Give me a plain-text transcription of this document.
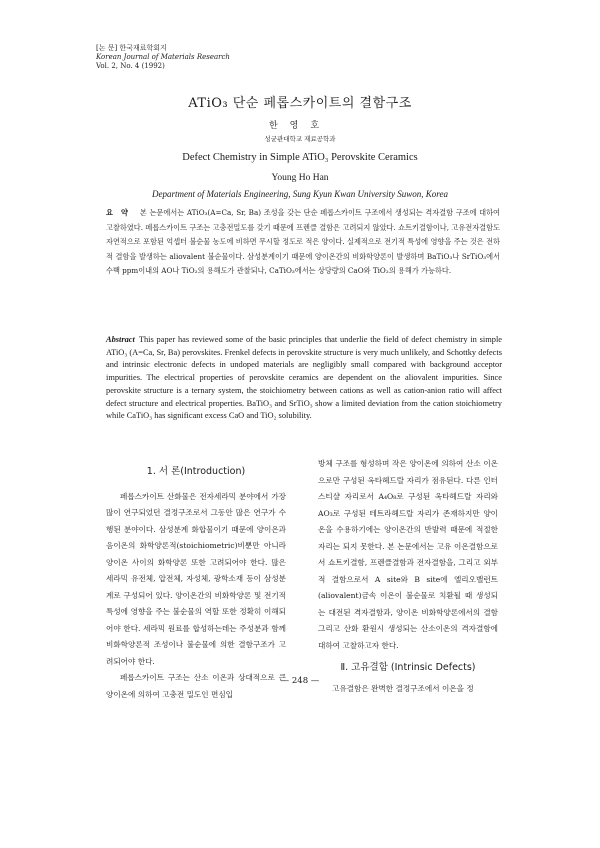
[논 문] 한국재료학회지
Korean Journal of Materials Research
Vol. 2, No. 4 (1992)
ATiO₃ 단순 페롭스카이트의 결함구조
한영호
성균관대학교 재료공학과
Defect Chemistry in Simple ATiO₃ Perovskite Ceramics
Young Ho Han
Department of Materials Engineering, Sung Kyun Kwan University Suwon, Korea
요약 본 논문에서는 ATiO₃(A=Ca, Sr, Ba) 조성을 갖는 단순 페롭스카이트 구조에서 생성되는 격자결함 구조에 대하여 고찰하였다. 페롭스카이트 구조는 고충전밀도를 갖기 때문에 프렌클 결함은 고려되지 않았다. 쇼트키결함이나, 고유전자결함도 자연적으로 포함된 억셉터 불순물 농도에 비하면 무시할 정도로 적은 양이다. 실제적으로 전기적 특성에 영향을 주는 것은 전하적 결함을 발생하는 aliovalent 불순물이다. 삼성분계이기 때문에 양이온간의 비화학양론이 발생하며 BaTiO₃나 SrTiO₃에서 수백 ppm이내의 AO나 TiO₂의 용해도가 관찰되나, CaTiO₃에서는 상당량의 CaO와 TiO₂의 용해가 가능하다.
Abstract This paper has reviewed some of the basic principles that underlie the field of defect chemistry in simple ATiO₃ (A=Ca, Sr, Ba) perovskites. Frenkel defects in perovskite structure is very much unlikely, and Schottky defects and intrinsic electronic defects in undoped materials are negligibly small compared with background acceptor impurities. The electrical properties of perovskite ceramics are dependent on the aliovalent impurities. Since perovskite structure is a ternary system, the stoichiometry between cations as well as cation-anion ratio will affect defect structure and electrical properties. BaTiO₃ and SrTiO₃ show a limited deviation from the cation stoichiometry while CaTiO₃ has significant excess CaO and TiO₂ solubility.
1. 서 론(Introduction)

페롭스카이트 산화물은 전자세라믹 분야에서 가장 많이 연구되었던 결정구조로서 그동안 많은 연구가 수행된 분야이다. 삼성분계 화합물이기 때문에 양이온과 음이온의 화학양론적(stoichiometric)비뿐만 아니라 양이온 사이의 화학양론 또한 고려되어야 한다. 많은 세라믹 유전체, 압전체, 자성체, 광학소재 등이 삼성분계로 구성되어 있다. 양이온간의 비화학양론 및 전기적 특성에 영향을 주는 불순물의 역할 또한 정확히 이해되어야 한다. 세라믹 원료를 합성하는데는 주성분과 함께 비화학양론적 조성이나 불순물에 의한 결함구조가 고려되어야 한다.

페롭스카이트 구조는 산소 이온과 상대적으로 큰 양이온에 의하여 고충전 밀도인 면심입

방체 구조를 형성하며 작은 양이온에 의하여 산소 이온으로만 구성된 옥타헤드랄 자리가 점유된다. 다른 인터스티샬 자리로서 A₄O₈로 구성된 옥타헤드랄 자리와 AO₃로 구성된 테트라헤드랄 자리가 존재하지만 양이온을 수용하기에는 양이온간의 반발력 때문에 적절한 자리는 되지 못한다. 본 논문에서는 고유 이온결함으로서 쇼트키결함, 프렌클결함과 전자결함을, 그리고 외부적 결함으로서 A site와 B site에 엘리오밸런트(aliovalent)금속 이온이 불순물로 치환될 때 생성되는 대전된 격자결함과, 양이온 비화학양론에서의 결함 그리고 산화 환원시 생성되는 산소이온의 격자결함에 대하여 고찰하고자 한다.

Ⅱ. 고유결함 (Intrinsic Defects)

고유결함은 완벽한 결정구조에서 이온을 정

— 248 —
